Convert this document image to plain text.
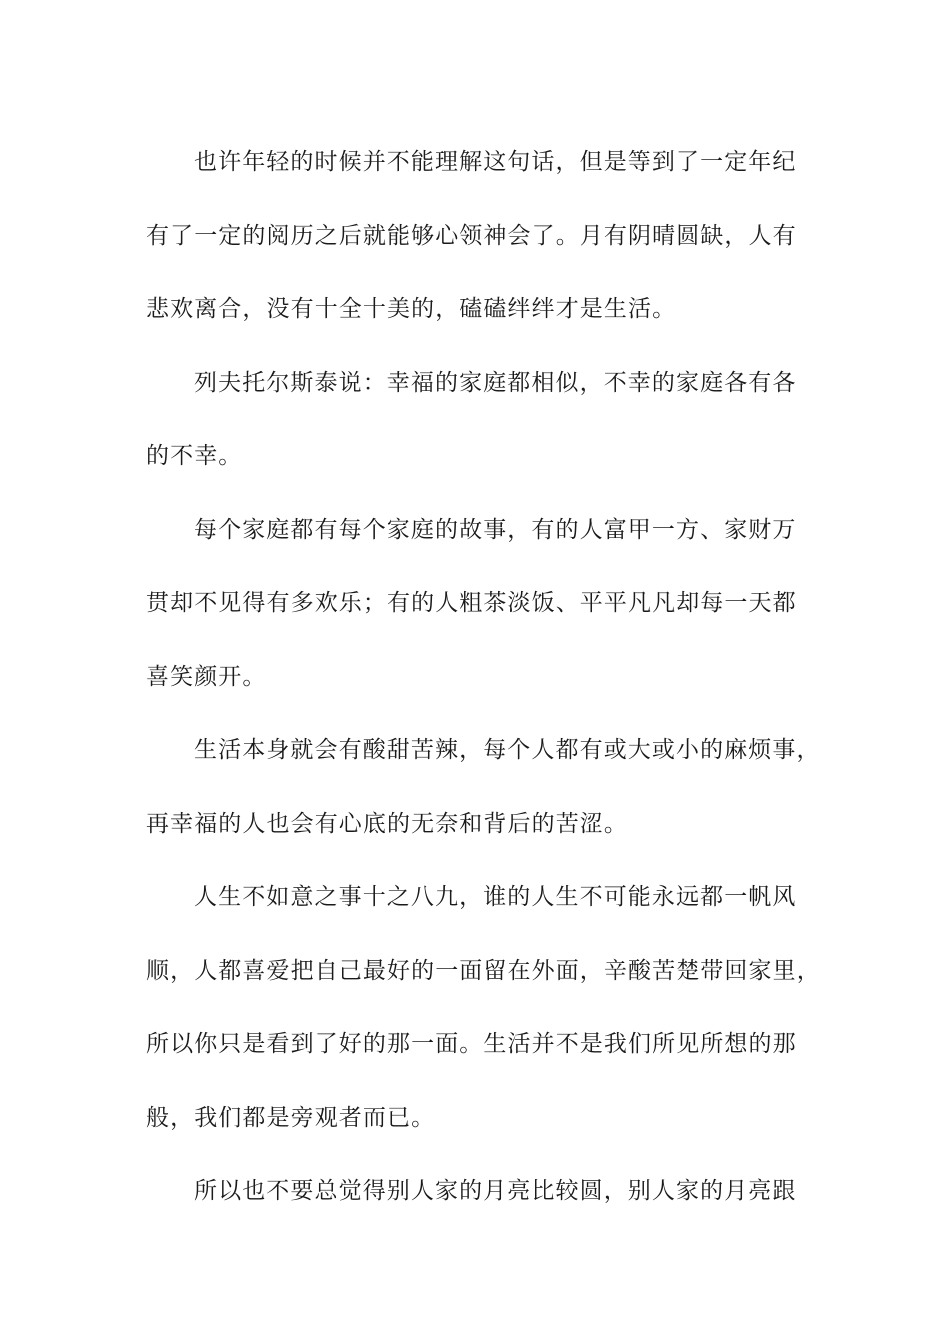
也许年轻的时候并不能理解这句话，但是等到了一定年纪
有了一定的阅历之后就能够心领神会了。月有阴晴圆缺，人有
悲欢离合，没有十全十美的，磕磕绊绊才是生活。
列夫托尔斯泰说：幸福的家庭都相似，不幸的家庭各有各
的不幸。
每个家庭都有每个家庭的故事，有的人富甲一方、家财万
贯却不见得有多欢乐；有的人粗茶淡饭、平平凡凡却每一天都
喜笑颜开。
生活本身就会有酸甜苦辣，每个人都有或大或小的麻烦事，
再幸福的人也会有心底的无奈和背后的苦涩。
人生不如意之事十之八九，谁的人生不可能永远都一帆风
顺，人都喜爱把自己最好的一面留在外面，辛酸苦楚带回家里，
所以你只是看到了好的那一面。生活并不是我们所见所想的那
般，我们都是旁观者而已。
所以也不要总觉得别人家的月亮比较圆，别人家的月亮跟
